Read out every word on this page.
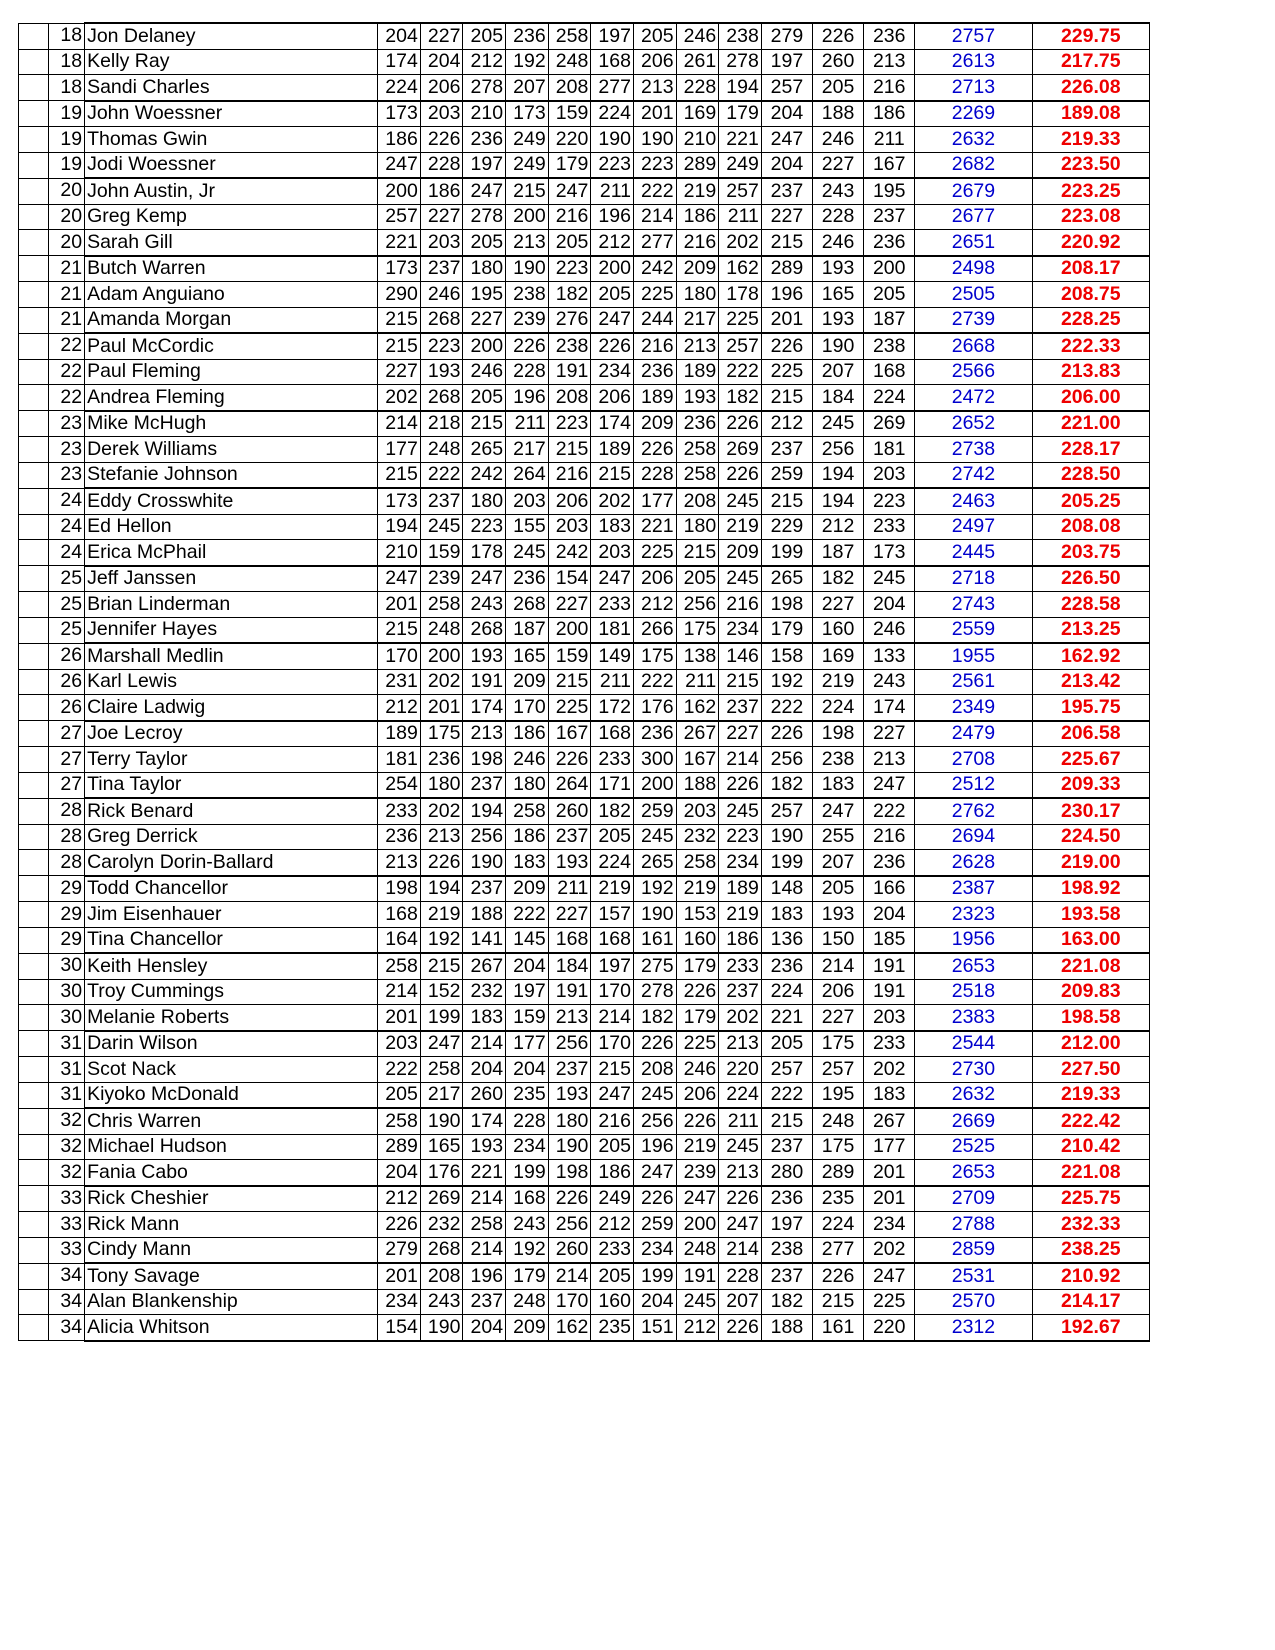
	18	Jon Delaney	204	227	205	236	258	197	205	246	238	279	226	236	2757	229.75
	18	Kelly Ray	174	204	212	192	248	168	206	261	278	197	260	213	2613	217.75
	18	Sandi Charles	224	206	278	207	208	277	213	228	194	257	205	216	2713	226.08
	19	John Woessner	173	203	210	173	159	224	201	169	179	204	188	186	2269	189.08
	19	Thomas Gwin	186	226	236	249	220	190	190	210	221	247	246	211	2632	219.33
	19	Jodi Woessner	247	228	197	249	179	223	223	289	249	204	227	167	2682	223.50
	20	John Austin, Jr	200	186	247	215	247	211	222	219	257	237	243	195	2679	223.25
	20	Greg Kemp	257	227	278	200	216	196	214	186	211	227	228	237	2677	223.08
	20	Sarah Gill	221	203	205	213	205	212	277	216	202	215	246	236	2651	220.92
	21	Butch Warren	173	237	180	190	223	200	242	209	162	289	193	200	2498	208.17
	21	Adam Anguiano	290	246	195	238	182	205	225	180	178	196	165	205	2505	208.75
	21	Amanda Morgan	215	268	227	239	276	247	244	217	225	201	193	187	2739	228.25
	22	Paul McCordic	215	223	200	226	238	226	216	213	257	226	190	238	2668	222.33
	22	Paul Fleming	227	193	246	228	191	234	236	189	222	225	207	168	2566	213.83
	22	Andrea Fleming	202	268	205	196	208	206	189	193	182	215	184	224	2472	206.00
	23	Mike McHugh	214	218	215	211	223	174	209	236	226	212	245	269	2652	221.00
	23	Derek Williams	177	248	265	217	215	189	226	258	269	237	256	181	2738	228.17
	23	Stefanie Johnson	215	222	242	264	216	215	228	258	226	259	194	203	2742	228.50
	24	Eddy Crosswhite	173	237	180	203	206	202	177	208	245	215	194	223	2463	205.25
	24	Ed Hellon	194	245	223	155	203	183	221	180	219	229	212	233	2497	208.08
	24	Erica McPhail	210	159	178	245	242	203	225	215	209	199	187	173	2445	203.75
	25	Jeff Janssen	247	239	247	236	154	247	206	205	245	265	182	245	2718	226.50
	25	Brian Linderman	201	258	243	268	227	233	212	256	216	198	227	204	2743	228.58
	25	Jennifer Hayes	215	248	268	187	200	181	266	175	234	179	160	246	2559	213.25
	26	Marshall Medlin	170	200	193	165	159	149	175	138	146	158	169	133	1955	162.92
	26	Karl Lewis	231	202	191	209	215	211	222	211	215	192	219	243	2561	213.42
	26	Claire Ladwig	212	201	174	170	225	172	176	162	237	222	224	174	2349	195.75
	27	Joe Lecroy	189	175	213	186	167	168	236	267	227	226	198	227	2479	206.58
	27	Terry Taylor	181	236	198	246	226	233	300	167	214	256	238	213	2708	225.67
	27	Tina Taylor	254	180	237	180	264	171	200	188	226	182	183	247	2512	209.33
	28	Rick Benard	233	202	194	258	260	182	259	203	245	257	247	222	2762	230.17
	28	Greg Derrick	236	213	256	186	237	205	245	232	223	190	255	216	2694	224.50
	28	Carolyn Dorin-Ballard	213	226	190	183	193	224	265	258	234	199	207	236	2628	219.00
	29	Todd Chancellor	198	194	237	209	211	219	192	219	189	148	205	166	2387	198.92
	29	Jim Eisenhauer	168	219	188	222	227	157	190	153	219	183	193	204	2323	193.58
	29	Tina Chancellor	164	192	141	145	168	168	161	160	186	136	150	185	1956	163.00
	30	Keith Hensley	258	215	267	204	184	197	275	179	233	236	214	191	2653	221.08
	30	Troy Cummings	214	152	232	197	191	170	278	226	237	224	206	191	2518	209.83
	30	Melanie Roberts	201	199	183	159	213	214	182	179	202	221	227	203	2383	198.58
	31	Darin Wilson	203	247	214	177	256	170	226	225	213	205	175	233	2544	212.00
	31	Scot Nack	222	258	204	204	237	215	208	246	220	257	257	202	2730	227.50
	31	Kiyoko McDonald	205	217	260	235	193	247	245	206	224	222	195	183	2632	219.33
	32	Chris Warren	258	190	174	228	180	216	256	226	211	215	248	267	2669	222.42
	32	Michael Hudson	289	165	193	234	190	205	196	219	245	237	175	177	2525	210.42
	32	Fania Cabo	204	176	221	199	198	186	247	239	213	280	289	201	2653	221.08
	33	Rick Cheshier	212	269	214	168	226	249	226	247	226	236	235	201	2709	225.75
	33	Rick Mann	226	232	258	243	256	212	259	200	247	197	224	234	2788	232.33
	33	Cindy Mann	279	268	214	192	260	233	234	248	214	238	277	202	2859	238.25
	34	Tony Savage	201	208	196	179	214	205	199	191	228	237	226	247	2531	210.92
	34	Alan Blankenship	234	243	237	248	170	160	204	245	207	182	215	225	2570	214.17
	34	Alicia Whitson	154	190	204	209	162	235	151	212	226	188	161	220	2312	192.67
